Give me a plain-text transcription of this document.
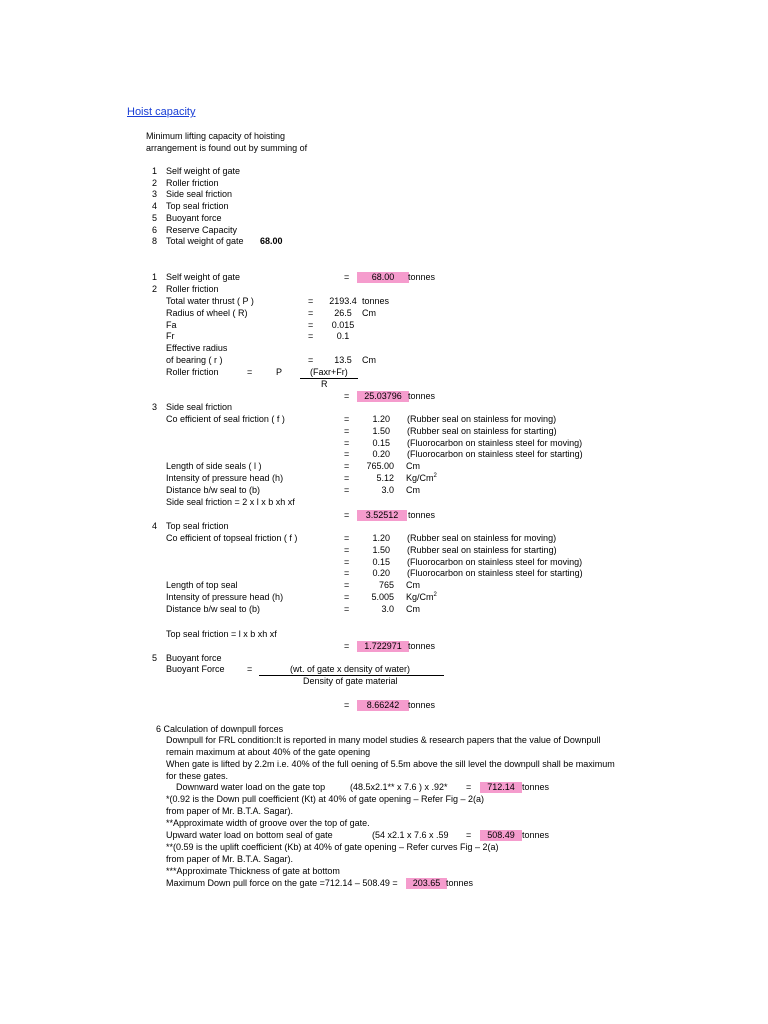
Hoist capacity
Minimum lifting capacity of hoisting
arrangement is found out by summing of
1 Self weight of gate
2 Roller friction
3 Side seal friction
4 Top seal friction
5 Buoyant force
6 Reserve Capacity
8 Total weight of gate 68.00
1 Self weight of gate	=	68.00	tonnes
2 Roller friction
Total water thrust ( P )	=	2193.4 tonnes
Radius of wheel ( R)	=	26.5	Cm
Fa	=	0.015
Fr	=	0.1
Effective radius
of bearing ( r )	=	13.5	Cm
Roller friction	=	P	(Faxr+Fr)
R
=	25.03796 tonnes
3 Side seal friction
Co efficient of seal friction ( f )	=	1.20 (Rubber seal on stainless for moving)
=	1.50 (Rubber seal on stainless for starting)
=	0.15 (Fluorocarbon on stainless steel for moving)
=	0.20 (Fluorocarbon on stainless steel for starting)
Length of side seals ( l )	=	765.00 Cm
Intensity of pressure head (h)	=	5.12 Kg/Cm$^2$
Distance b/w seal to (b)	=	3.0 Cm
Side seal friction = 2 x l x b xh xf
=	3.52512	tonnes
4 Top seal friction
Co efficient of topseal friction ( f )	=	1.20 (Rubber seal on stainless for moving)
=	1.50 (Rubber seal on stainless for starting)
=	0.15 (Fluorocarbon on stainless steel for moving)
=	0.20 (Fluorocarbon on stainless steel for starting)
Length of top seal	=	765 Cm
Intensity of pressure head (h)	=	5.005 Kg/Cm$^2$
Distance b/w seal to (b)	=	3.0 Cm
Top seal friction = l x b xh xf
=	1.722971 tonnes
5 Buoyant force
Buoyant Force =	(wt. of gate x density of water)
Density of gate material
=	8.66242 tonnes
6 Calculation of downpull forces
Downpull for FRL condition:It is reported in many model studies & research papers that the value of Downpull
remain maximum at about 40% of the gate opening
When gate is lifted by 2.2m i.e. 40% of the full oening of 5.5m above the sill level the downpull shall be maximum
for these gates.
Downward water load on the gate top	(48.5x2.1** x 7.6 ) x .92* =	712.14 tonnes
*(0.92 is the Down pull coefficient (Kt) at 40% of gate opening – Refer Fig – 2(a)
from paper of Mr. B.T.A. Sagar).
**Approximate width of groove over the top of gate.
Upward water load on bottom seal of gate	(54 x2.1 x 7.6 x .59 =	508.49 tonnes
**(0.59 is the uplift coefficient (Kb) at 40% of gate opening – Refer curves Fig – 2(a)
from paper of Mr. B.T.A. Sagar).
***Approximate Thickness of gate at bottom
Maximum Down pull force on the gate =712.14 – 508.49 =	203.65 tonnes
